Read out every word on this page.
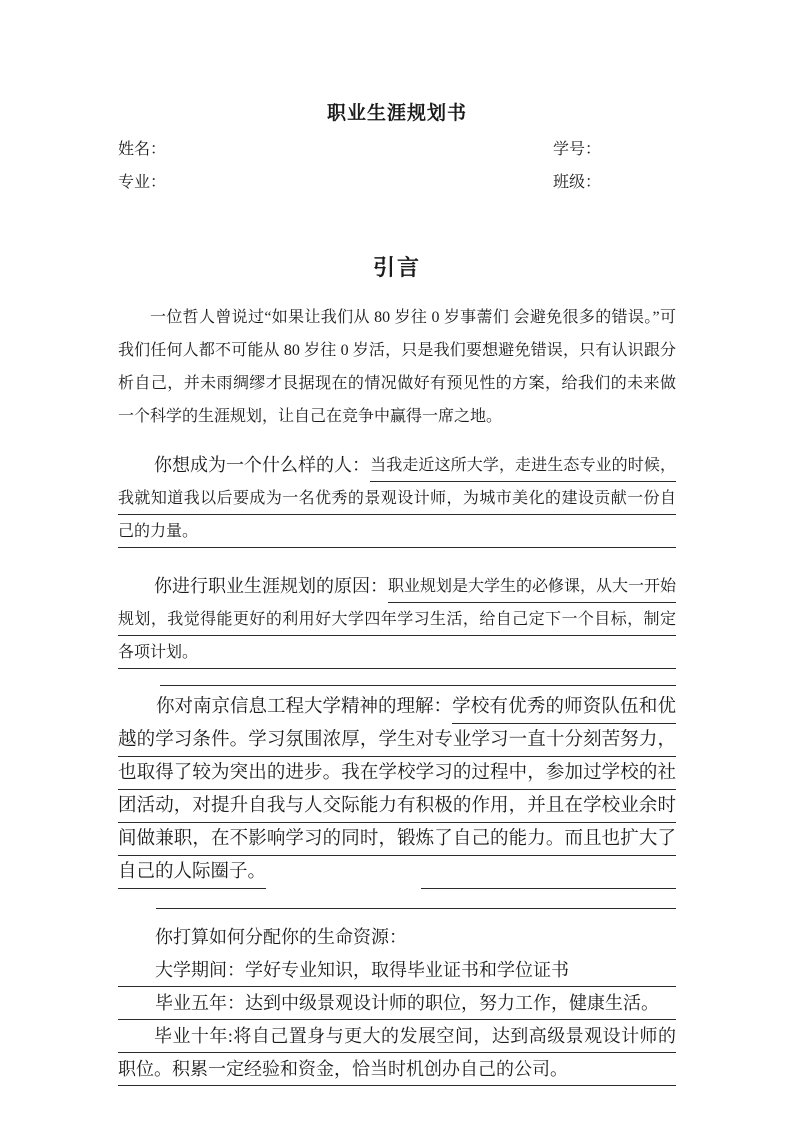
职业生涯规划书
姓名：	学号：
专业：	班级：
引言

一位哲人曾说过“如果让我们从 80 岁往 0 岁事薷们 会避免很多的错误。”可我们任何人都不可能从 80 岁往 0 岁活，只是我们要想避免错误，只有认识跟分析自己，并未雨绸缪才艮据现在的情况做好有预见性的方案，给我们的未来做一个科学的生涯规划，让自己在竞争中赢得一席之地。

你想成为一个什么样的人：当我走近这所大学，走进生态专业的时候，我就知道我以后要成为一名优秀的景观设计师，为城市美化的建设贡献一份自己的力量。

你进行职业生涯规划的原因：职业规划是大学生的必修课，从大一开始规划，我觉得能更好的利用好大学四年学习生活，给自己定下一个目标，制定各项计划。

你对南京信息工程大学精神的理解：学校有优秀的师资队伍和优越的学习条件。学习氛围浓厚，学生对专业学习一直十分刻苦努力，也取得了较为突出的进步。我在学校学习的过程中，参加过学校的社团活动，对提升自我与人交际能力有积极的作用，并且在学校业余时间做兼职，在不影响学习的同时，锻炼了自己的能力。而且也扩大了自己的人际圈子。

你打算如何分配你的生命资源：
大学期间：学好专业知识，取得毕业证书和学位证书
毕业五年：达到中级景观设计师的职位，努力工作，健康生活。
毕业十年:将自己置身与更大的发展空间，达到高级景观设计师的职位。积累一定经验和资金，恰当时机创办自己的公司。
